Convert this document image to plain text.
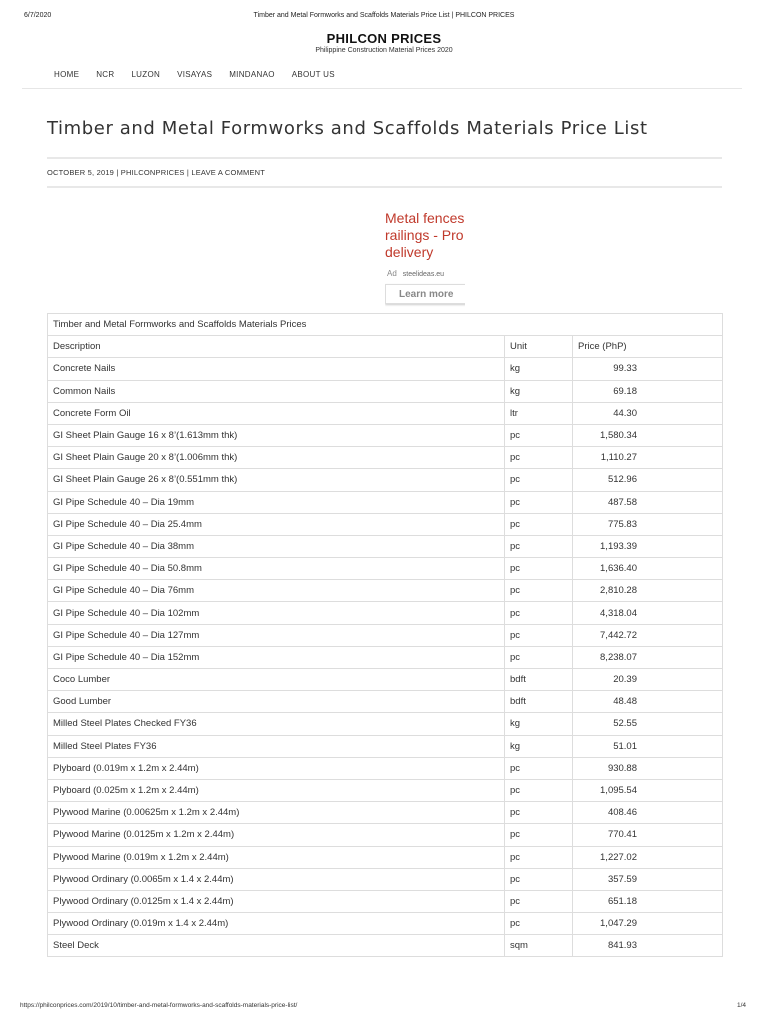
6/7/2020	Timber and Metal Formworks and Scaffolds Materials Price List | PHILCON PRICES
PHILCON PRICES
Philippine Construction Material Prices 2020
HOME NCR LUZON VISAYAS MINDANAO ABOUT US
Timber and Metal Formworks and Scaffolds Materials Price List
OCTOBER 5, 2019 | PHILCONPRICES | LEAVE A COMMENT
Metal fences
railings - Pro
delivery
Ad steelideas.eu
Learn more
Timber and Metal Formworks and Scaffolds Materials Prices		
Description	Unit	Price (PhP)
Concrete Nails	kg	99.33
Common Nails	kg	69.18
Concrete Form Oil	ltr	44.30
GI Sheet Plain Gauge 16 x 8’(1.613mm thk)	pc	1,580.34
GI Sheet Plain Gauge 20 x 8’(1.006mm thk)	pc	1,110.27
GI Sheet Plain Gauge 26 x 8’(0.551mm thk)	pc	512.96
GI Pipe Schedule 40 – Dia 19mm	pc	487.58
GI Pipe Schedule 40 – Dia 25.4mm	pc	775.83
GI Pipe Schedule 40 – Dia 38mm	pc	1,193.39
GI Pipe Schedule 40 – Dia 50.8mm	pc	1,636.40
GI Pipe Schedule 40 – Dia 76mm	pc	2,810.28
GI Pipe Schedule 40 – Dia 102mm	pc	4,318.04
GI Pipe Schedule 40 – Dia 127mm	pc	7,442.72
GI Pipe Schedule 40 – Dia 152mm	pc	8,238.07
Coco Lumber	bdft	20.39
Good Lumber	bdft	48.48
Milled Steel Plates Checked FY36	kg	52.55
Milled Steel Plates FY36	kg	51.01
Plyboard (0.019m x 1.2m x 2.44m)	pc	930.88
Plyboard (0.025m x 1.2m x 2.44m)	pc	1,095.54
Plywood Marine (0.00625m x 1.2m x 2.44m)	pc	408.46
Plywood Marine (0.0125m x 1.2m x 2.44m)	pc	770.41
Plywood Marine (0.019m x 1.2m x 2.44m)	pc	1,227.02
Plywood Ordinary (0.0065m x 1.4 x 2.44m)	pc	357.59
Plywood Ordinary (0.0125m x 1.4 x 2.44m)	pc	651.18
Plywood Ordinary (0.019m x 1.4 x 2.44m)	pc	1,047.29
Steel Deck	sqm	841.93
https://philconprices.com/2019/10/timber-and-metal-formworks-and-scaffolds-materials-price-list/	1/4
